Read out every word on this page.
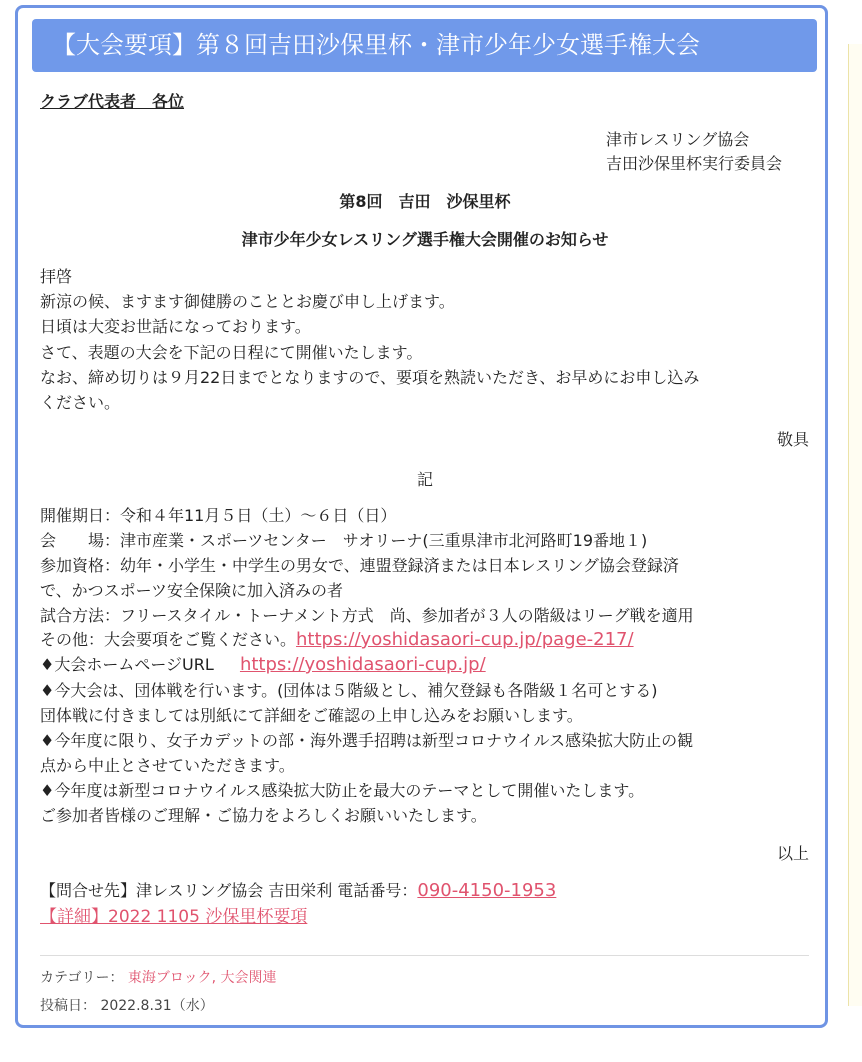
【大会要項】第８回吉田沙保里杯・津市少年少女選手権大会
クラブ代表者　各位
津市レスリング協会
吉田沙保里杯実行委員会
第8回　吉田　沙保里杯
津市少年少女レスリング選手権大会開催のお知らせ
拝啓
新涼の候、ますます御健勝のこととお慶び申し上げます。
日頃は大変お世話になっております。
さて、表題の大会を下記の日程にて開催いたします。
なお、締め切りは９月22日までとなりますので、要項を熟読いただき、お早めにお申し込み
ください。
敬具
記
開催期日：令和４年11月５日（土）～６日（日）
会　　場：津市産業・スポーツセンター　サオリーナ(三重県津市北河路町19番地１)
参加資格：幼年・小学生・中学生の男女で、連盟登録済または日本レスリング協会登録済
で、かつスポーツ安全保険に加入済みの者
試合方法：フリースタイル・トーナメント方式　尚、参加者が３人の階級はリーグ戦を適用
その他：大会要項をご覧ください。https://yoshidasaori-cup.jp/page-217/
♦大会ホームページURL　  https://yoshidasaori-cup.jp/
♦今大会は、団体戦を行います。(団体は５階級とし、補欠登録も各階級１名可とする)
団体戦に付きましては別紙にて詳細をご確認の上申し込みをお願いします。
♦今年度に限り、女子カデットの部・海外選手招聘は新型コロナウイルス感染拡大防止の観
点から中止とさせていただきます。
♦今年度は新型コロナウイルス感染拡大防止を最大のテーマとして開催いたします。
ご参加者皆様のご理解・ご協力をよろしくお願いいたします。
以上
【問合せ先】津レスリング協会 吉田栄利 電話番号：090-4150-1953
【詳細】2022 1105 沙保里杯要項
カテゴリー： 東海ブロック, 大会関連
投稿日： 2022.8.31（水）
